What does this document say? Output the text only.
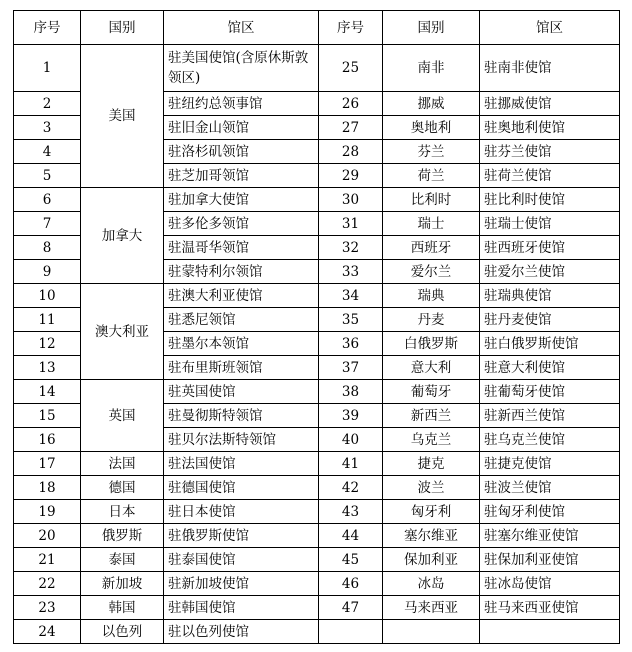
序号	国别	馆区	序号	国别	馆区
1	美国	驻美国使馆(含原休斯敦领区)	25	南非	驻南非使馆
2		驻纽约总领事馆	26	挪威	驻挪威使馆
3		驻旧金山领馆	27	奥地利	驻奥地利使馆
4		驻洛杉矶领馆	28	芬兰	驻芬兰使馆
5		驻芝加哥领馆	29	荷兰	驻荷兰使馆
6	加拿大	驻加拿大使馆	30	比利时	驻比利时使馆
7		驻多伦多领馆	31	瑞士	驻瑞士使馆
8		驻温哥华领馆	32	西班牙	驻西班牙使馆
9		驻蒙特利尔领馆	33	爱尔兰	驻爱尔兰使馆
10	澳大利亚	驻澳大利亚使馆	34	瑞典	驻瑞典使馆
11		驻悉尼领馆	35	丹麦	驻丹麦使馆
12		驻墨尔本领馆	36	白俄罗斯	驻白俄罗斯使馆
13		驻布里斯班领馆	37	意大利	驻意大利使馆
14	英国	驻英国使馆	38	葡萄牙	驻葡萄牙使馆
15		驻曼彻斯特领馆	39	新西兰	驻新西兰使馆
16		驻贝尔法斯特领馆	40	乌克兰	驻乌克兰使馆
17	法国	驻法国使馆	41	捷克	驻捷克使馆
18	德国	驻德国使馆	42	波兰	驻波兰使馆
19	日本	驻日本使馆	43	匈牙利	驻匈牙利使馆
20	俄罗斯	驻俄罗斯使馆	44	塞尔维亚	驻塞尔维亚使馆
21	泰国	驻泰国使馆	45	保加利亚	驻保加利亚使馆
22	新加坡	驻新加坡使馆	46	冰岛	驻冰岛使馆
23	韩国	驻韩国使馆	47	马来西亚	驻马来西亚使馆
24	以色列	驻以色列使馆			
